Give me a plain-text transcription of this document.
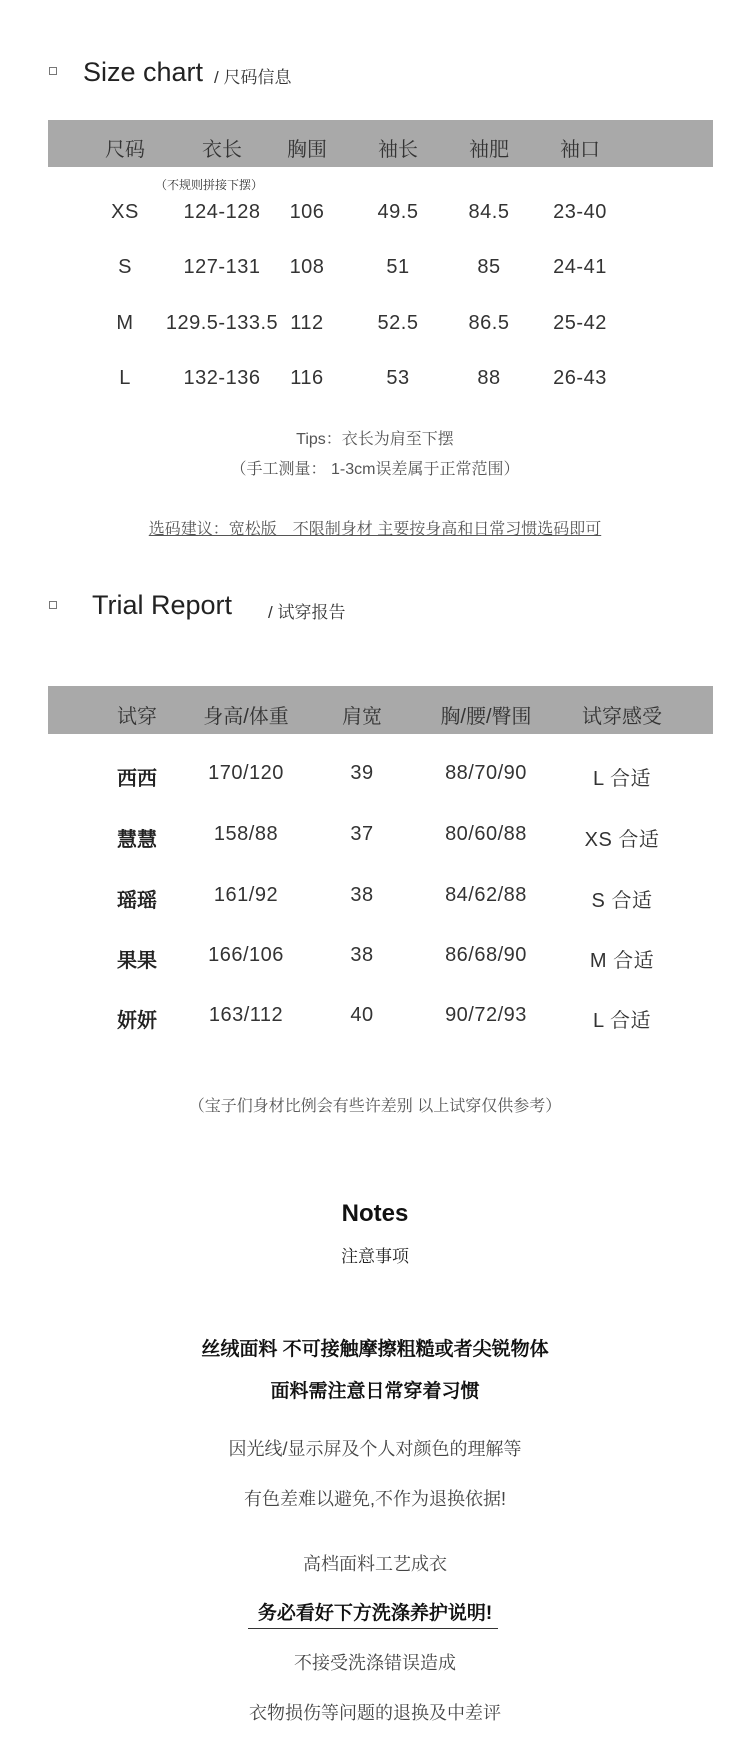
Size chart / 尺码信息
尺码	衣长	胸围	袖长	袖肥	袖口
（不规则拼接下摆）
XS	124-128	106	49.5	84.5	23-40
S	127-131	108	51	85	24-41
M	129.5-133.5 112	52.5	86.5	25-42
L	132-136	116	53	88	26-43
Tips：衣长为肩至下摆
（手工测量： 1-3cm误差属于正常范围）
选码建议：宽松版　不限制身材 主要按身高和日常习惯选码即可
Trial Report / 试穿报告
试穿	身高/体重	肩宽	胸/腰/臀围	试穿感受
西西	170/120	39	88/70/90	L 合适
慧慧	158/88	37	80/60/88	XS 合适
瑶瑶	161/92	38	84/62/88	S 合适
果果	166/106	38	86/68/90	M 合适
妍妍	163/112	40	90/72/93	L 合适
（宝子们身材比例会有些许差别 以上试穿仅供参考）
Notes
注意事项
丝绒面料 不可接触摩擦粗糙或者尖锐物体
面料需注意日常穿着习惯
因光线/显示屏及个人对颜色的理解等
有色差难以避免,不作为退换依据!
高档面料工艺成衣
务必看好下方洗涤养护说明!
不接受洗涤错误造成
衣物损伤等问题的退换及中差评
